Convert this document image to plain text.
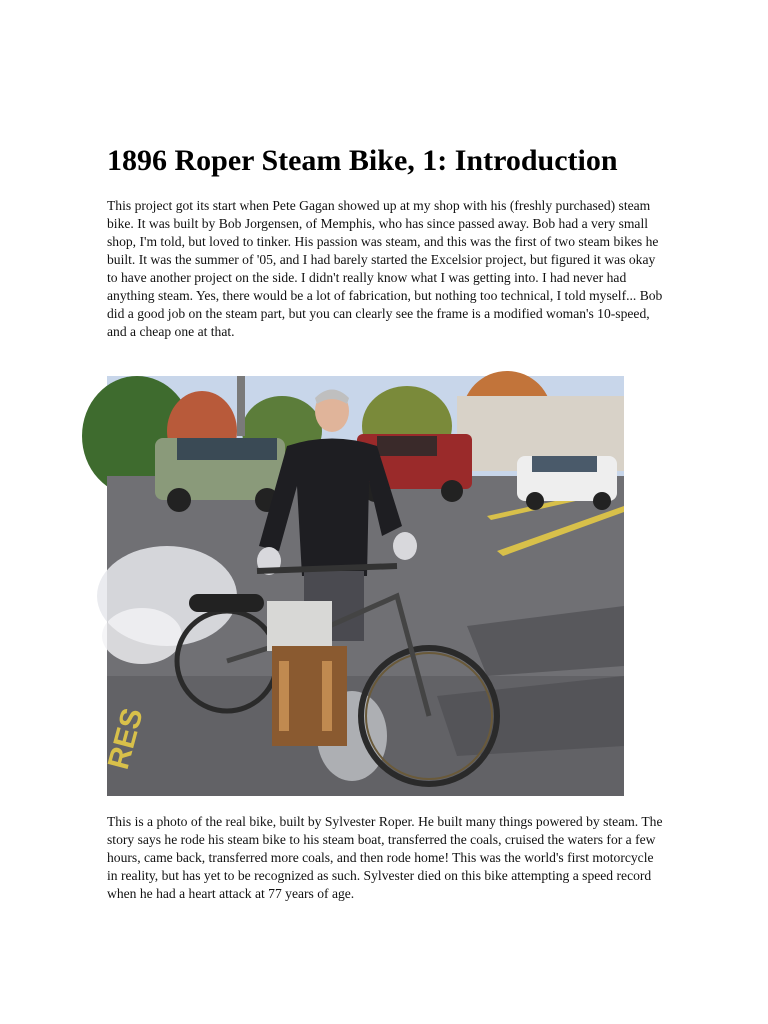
1896 Roper Steam Bike, 1: Introduction

This project got its start when Pete Gagan showed up at my shop with his (freshly purchased) steam bike. It was built by Bob Jorgensen, of Memphis, who has since passed away. Bob had a very small shop, I'm told, but loved to tinker. His passion was steam, and this was the first of two steam bikes he built. It was the summer of '05, and I had barely started the Excelsior project, but figured it was okay to have another project on the side. I didn't really know what I was getting into. I had never had anything steam. Yes, there would be a lot of fabrication, but nothing too technical, I told myself... Bob did a good job on the steam part, but you can clearly see the frame is a modified woman's 10-speed, and a cheap one at that.

RES

This is a photo of the real bike, built by Sylvester Roper. He built many things powered by steam. The story says he rode his steam bike to his steam boat, transferred the coals, cruised the waters for a few hours, came back, transferred more coals, and then rode home! This was the world's first motorcycle in reality, but has yet to be recognized as such. Sylvester died on this bike attempting a speed record when he had a heart attack at 77 years of age.
